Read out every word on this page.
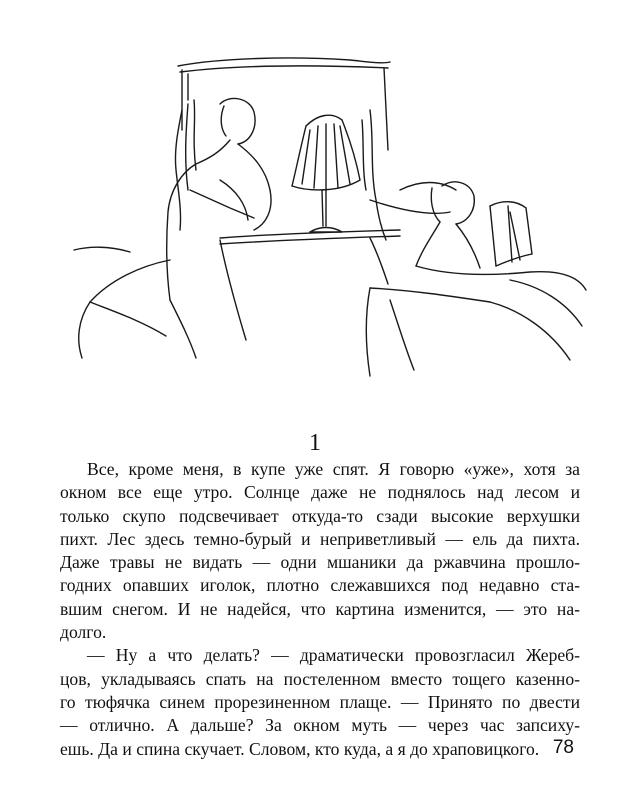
1
Все, кроме меня, в купе уже спят. Я говорю «уже», хотя за
окном все еще утро. Солнце даже не поднялось над лесом и
только скупо подсвечивает откуда-то сзади высокие верхушки
пихт. Лес здесь темно-бурый и неприветливый — ель да пихта.
Даже травы не видать — одни мшаники да ржавчина прошло-
годних опавших иголок, плотно слежавшихся под недавно ста-
вшим снегом. И не надейся, что картина изменится, — это на-
долго.
— Ну а что делать? — драматически провозгласил Жереб-
цов, укладываясь спать на постеленном вместо тощего казенно-
го тюфячка синем прорезиненном плаще. — Принято по двести
— отлично. А дальше? За окном муть — через час запсиху-
ешь. Да и спина скучает. Словом, кто куда, а я до храповицкого. 78
